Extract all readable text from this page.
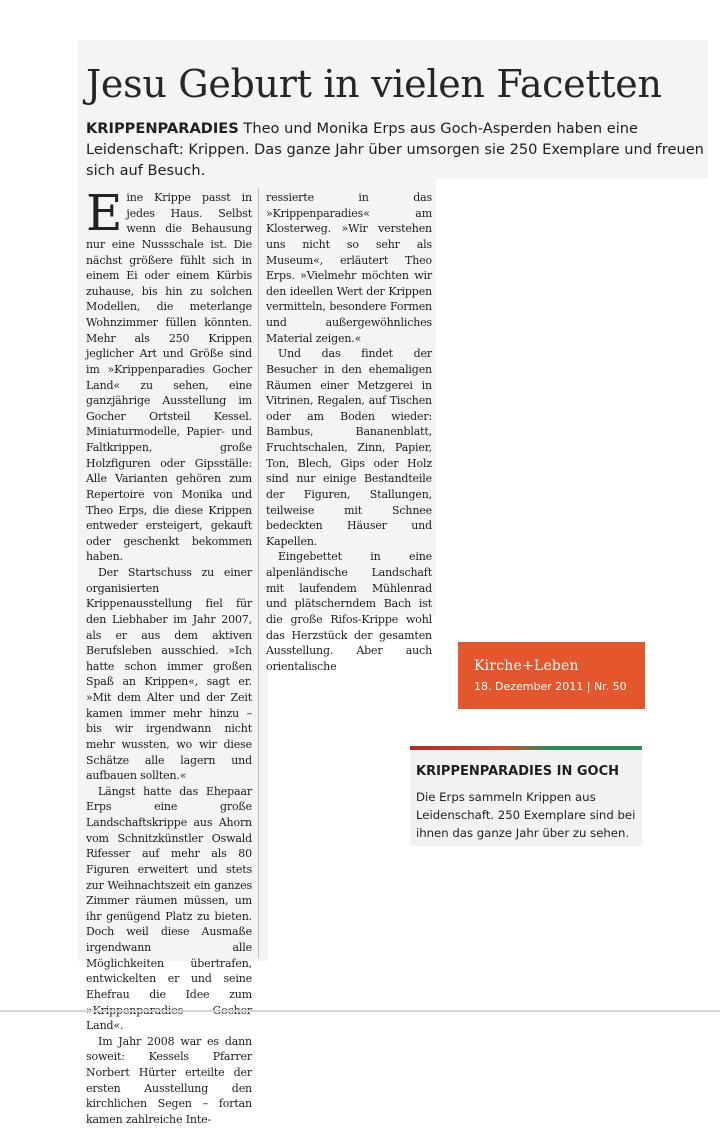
Jesu Geburt in vielen Facetten

KRIPPENPARADIES Theo und Monika Erps aus Goch-Asperden haben eine Leidenschaft: Krippen. Das ganze Jahr über umsorgen sie 250 Exemplare und freuen sich auf Besuch.

Eine Krippe passt in jedes Haus. Selbst wenn die Behausung nur eine Nussschale ist. Die nächst größere fühlt sich in einem Ei oder einem Kürbis zuhause, bis hin zu solchen Modellen, die meterlange Wohnzimmer füllen könnten. Mehr als 250 Krippen jeglicher Art und Größe sind im »Krippenparadies Gocher Land« zu sehen, eine ganzjährige Ausstellung im Gocher Ortsteil Kessel. Miniaturmodelle, Papier- und Faltkrippen, große Holzfiguren oder Gipsställe: Alle Varianten gehören zum Repertoire von Monika und Theo Erps, die diese Krippen entweder ersteigert, gekauft oder geschenkt bekommen haben.

Der Startschuss zu einer organisierten Krippenausstellung fiel für den Liebhaber im Jahr 2007, als er aus dem aktiven Berufsleben ausschied. »Ich hatte schon immer großen Spaß an Krippen«, sagt er. »Mit dem Alter und der Zeit kamen immer mehr hinzu – bis wir irgendwann nicht mehr wussten, wo wir diese Schätze alle lagern und aufbauen sollten.«

Längst hatte das Ehepaar Erps eine große Landschaftskrippe aus Ahorn vom Schnitzkünstler Oswald Rifesser auf mehr als 80 Figuren erweitert und stets zur Weihnachtszeit ein ganzes Zimmer räumen müssen, um ihr genügend Platz zu bieten. Doch weil diese Ausmaße irgendwann alle Möglichkeiten übertrafen, entwickelten er und seine Ehefrau die Idee zum Land«.

Im Jahr 2008 war es dann soweit: Kessels Pfarrer Norbert Hürter erteilte der ersten Ausstellung den kirchlichen Segen – fortan kamen zahlreiche Inte-

ressierte in das »Krippenparadies« am Klosterweg. »Wir verstehen uns nicht so sehr als Museum«, erläutert Theo Erps. »Vielmehr möchten wir den ideellen Wert der Krippen vermitteln, besondere Formen und außergewöhnliches Material zeigen.«

Und das findet der Besucher in den ehemaligen Räumen einer Metzgerei in Vitrinen, Regalen, auf Tischen oder am Boden wieder: Bambus, Bananenblatt, Fruchtschalen, Zinn, Papier, Ton, Blech, Gips oder Holz sind nur einige Bestandteile der Figuren, Stallungen, teilweise mit Schnee bedeckten Häuser und Kapellen.

Eingebettet in eine alpenländische Landschaft mit laufendem Mühlenrad und plätscherndem Bach ist die große Rifos-Krippe wohl das Herzstück der gesamten Ausstellung. Aber auch orientalische	Kirche+Leben
18. Dezember 2011 | Nr. 50
KRIPPENPARADIES IN GOCH

Die Erps sammeln Krippen aus Leidenschaft. 250 Exemplare sind bei ihnen das ganze Jahr über zu sehen.
